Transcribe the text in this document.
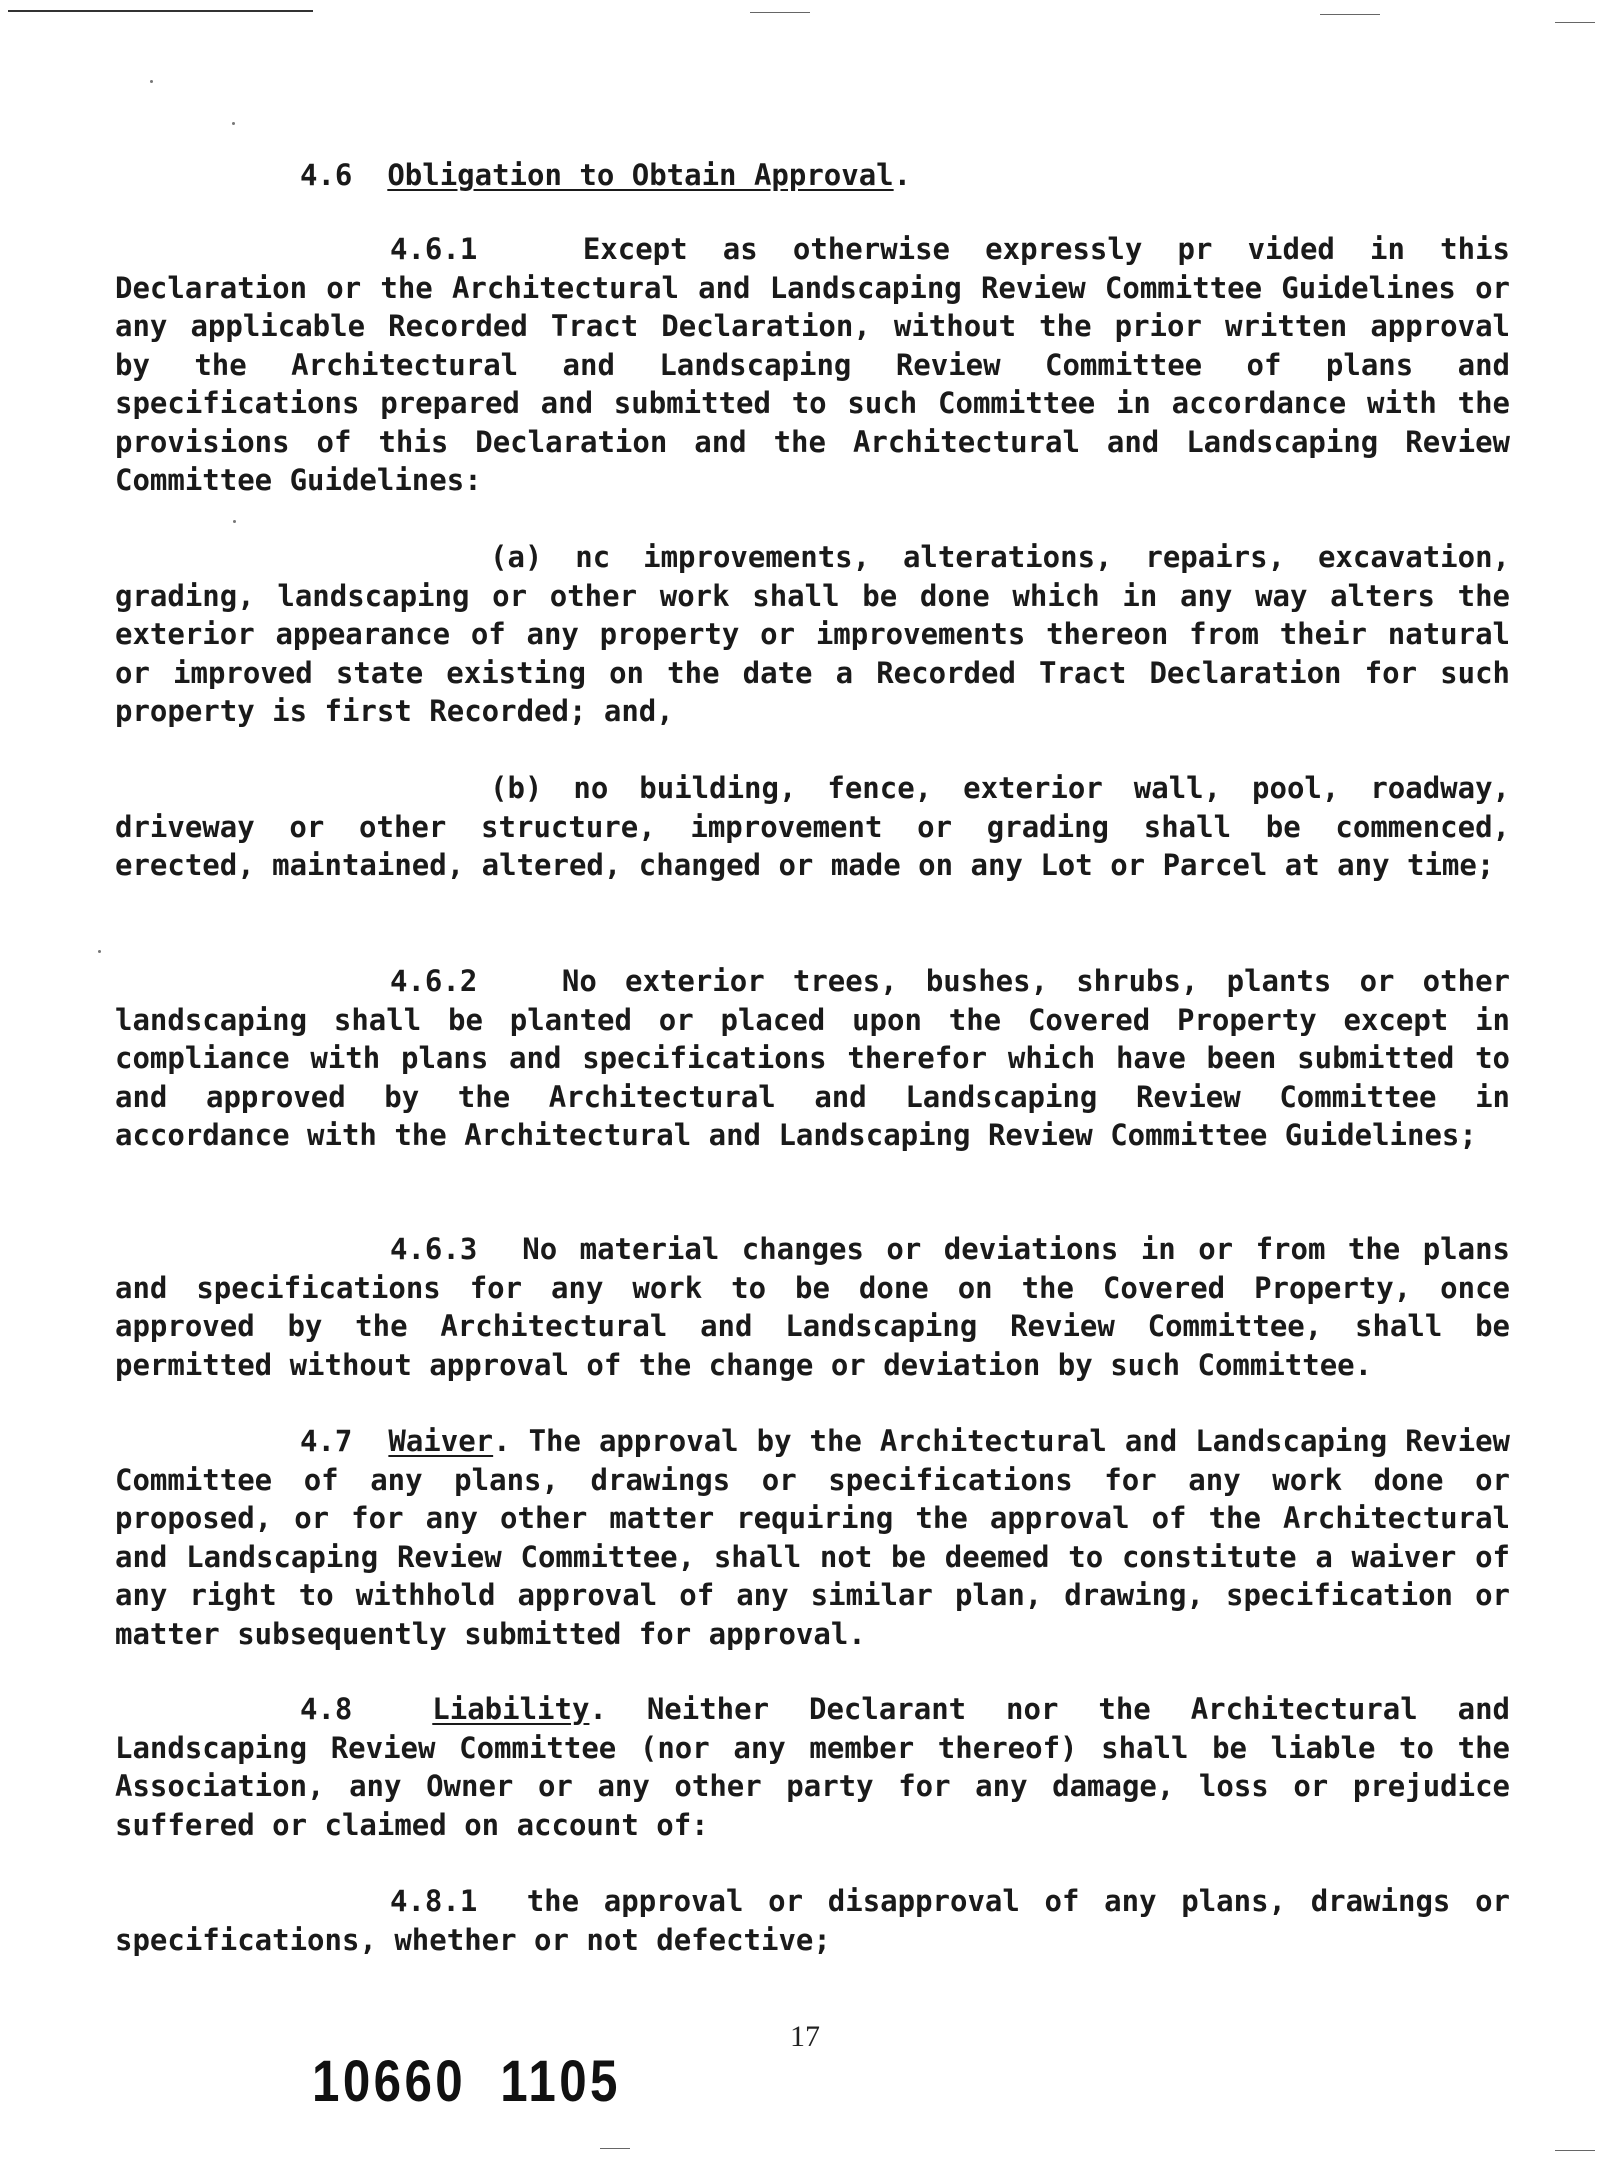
4.6 Obligation to Obtain Approval.
4.6.1	Except as otherwise expressly pr vided in this Declaration or the Architectural and Landscaping Review Committee Guidelines or any applicable Recorded Tract Declaration, without the prior written approval by the Architectural and Landscaping Review Committee of plans and specifications prepared and submitted to such Committee in accordance with the provisions of this Declaration and the Architectural and Landscaping Review Committee Guidelines:
(a) nc improvements, alterations, repairs, excavation, grading, landscaping or other work shall be done which in any way alters the exterior appearance of any property or improvements thereon from their natural or improved state existing on the date a Recorded Tract Declaration for such property is first Recorded; and,
(b) no building, fence, exterior wall, pool, roadway, driveway or other structure, improvement or grading shall be commenced, erected, maintained, altered, changed or made on any Lot or Parcel at any time;
4.6.2	No exterior trees, bushes, shrubs, plants or other landscaping shall be planted or placed upon the Covered Property except in compliance with plans and specifications therefor which have been submitted to and approved by the Architectural and Landscaping Review Committee in accordance with the Architectural and Landscaping Review Committee Guidelines;
4.6.3 No material changes or deviations in or from the plans and specifications for any work to be done on the Covered Property, once approved by the Architectural and Landscaping Review Committee, shall be permitted without approval of the change or deviation by such Committee.
4.7 Waiver. The approval by the Architectural and Landscaping Review Committee of any plans, drawings or specifications for any work done or proposed, or for any other matter requiring the approval of the Architectural and Landscaping Review Committee, shall not be deemed to constitute a waiver of any right to withhold approval of any similar plan, drawing, specification or matter subsequently submitted for approval.
4.8	Liability. Neither Declarant nor the Architectural and Landscaping Review Committee (nor any member thereof) shall be liable to the Association, any Owner or any other party for any damage, loss or prejudice suffered or claimed on account of:
4.8.1 the approval or disapproval of any plans, drawings or specifications, whether or not defective;
17
10660  1105
